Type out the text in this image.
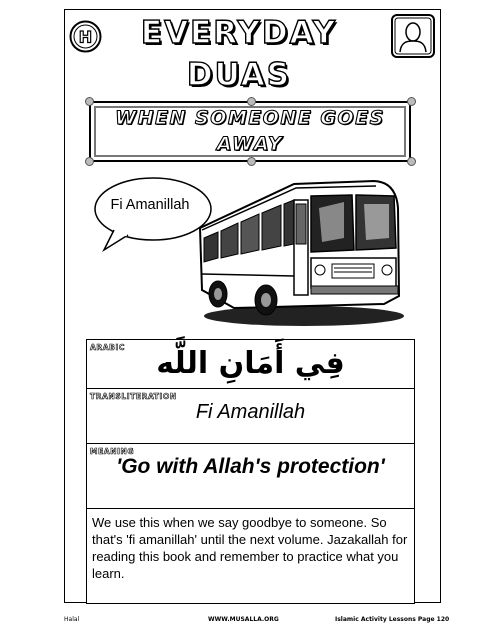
H	EVERYDAY
DUAS
WHEN SOMEONE GOES
AWAY
Fi Amanillah
ARABIC	فِي أَمَانِ اللَّه
TRANSLITERATION
Fi Amanillah
MEANING
'Go with Allah's protection'
We use this when we say goodbye to someone. So that's 'fi amanillah' until the next volume. Jazakallah for reading this book and remember to practice what you learn.
Halal	WWW.MUSALLA.ORG	Islamic Activity Lessons Page 120
